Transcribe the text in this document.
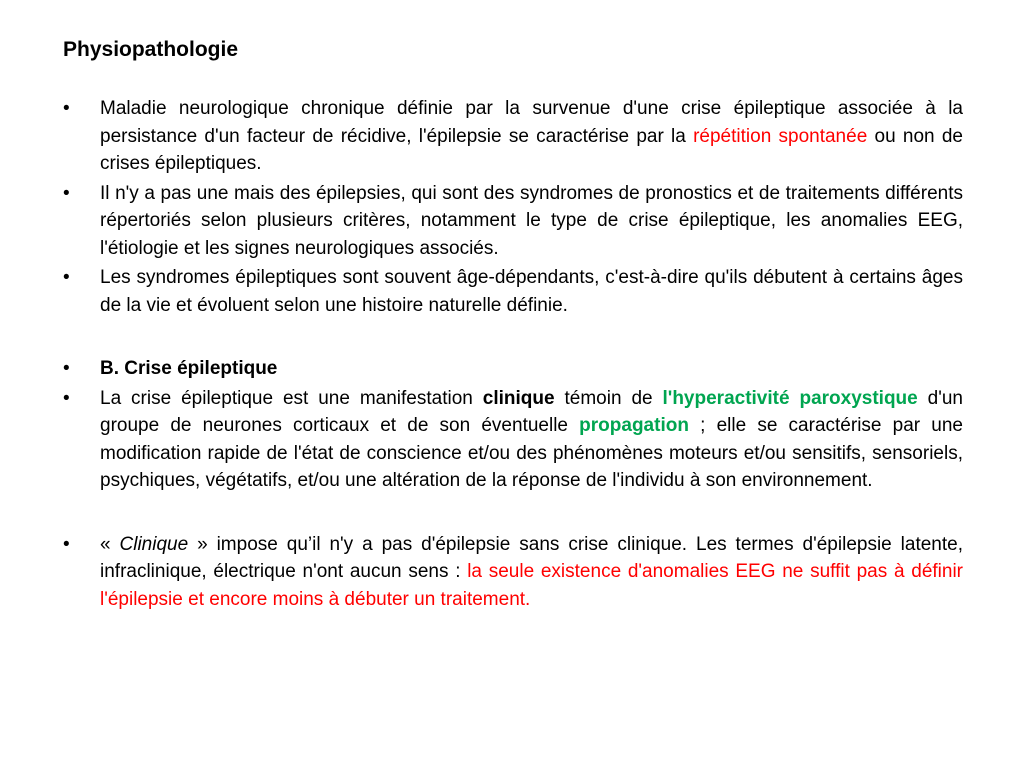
Physiopathologie

• Maladie neurologique chronique définie par la survenue d'une crise épileptique associée à la persistance d'un facteur de récidive, l'épilepsie se caractérise par la répétition spontanée ou non de crises épileptiques.

• Il n'y a pas une mais des épilepsies, qui sont des syndromes de pronostics et de traitements différents répertoriés selon plusieurs critères, notamment le type de crise épileptique, les anomalies EEG, l'étiologie et les signes neurologiques associés.

• Les syndromes épileptiques sont souvent âge-dépendants, c'est-à-dire qu'ils débutent à certains âges de la vie et évoluent selon une histoire naturelle définie.

• B. Crise épileptique

• La crise épileptique est une manifestation clinique témoin de l'hyperactivité paroxystique d'un groupe de neurones corticaux et de son éventuelle propagation ; elle se caractérise par une modification rapide de l'état de conscience et/ou des phénomènes moteurs et/ou sensitifs, sensoriels, psychiques, végétatifs, et/ou une altération de la réponse de l'individu à son environnement.

• « Clinique » impose qu’il n'y a pas d'épilepsie sans crise clinique. Les termes d'épilepsie latente, infraclinique, électrique n'ont aucun sens : la seule existence d'anomalies EEG ne suffit pas à définir l'épilepsie et encore moins à débuter un traitement.
